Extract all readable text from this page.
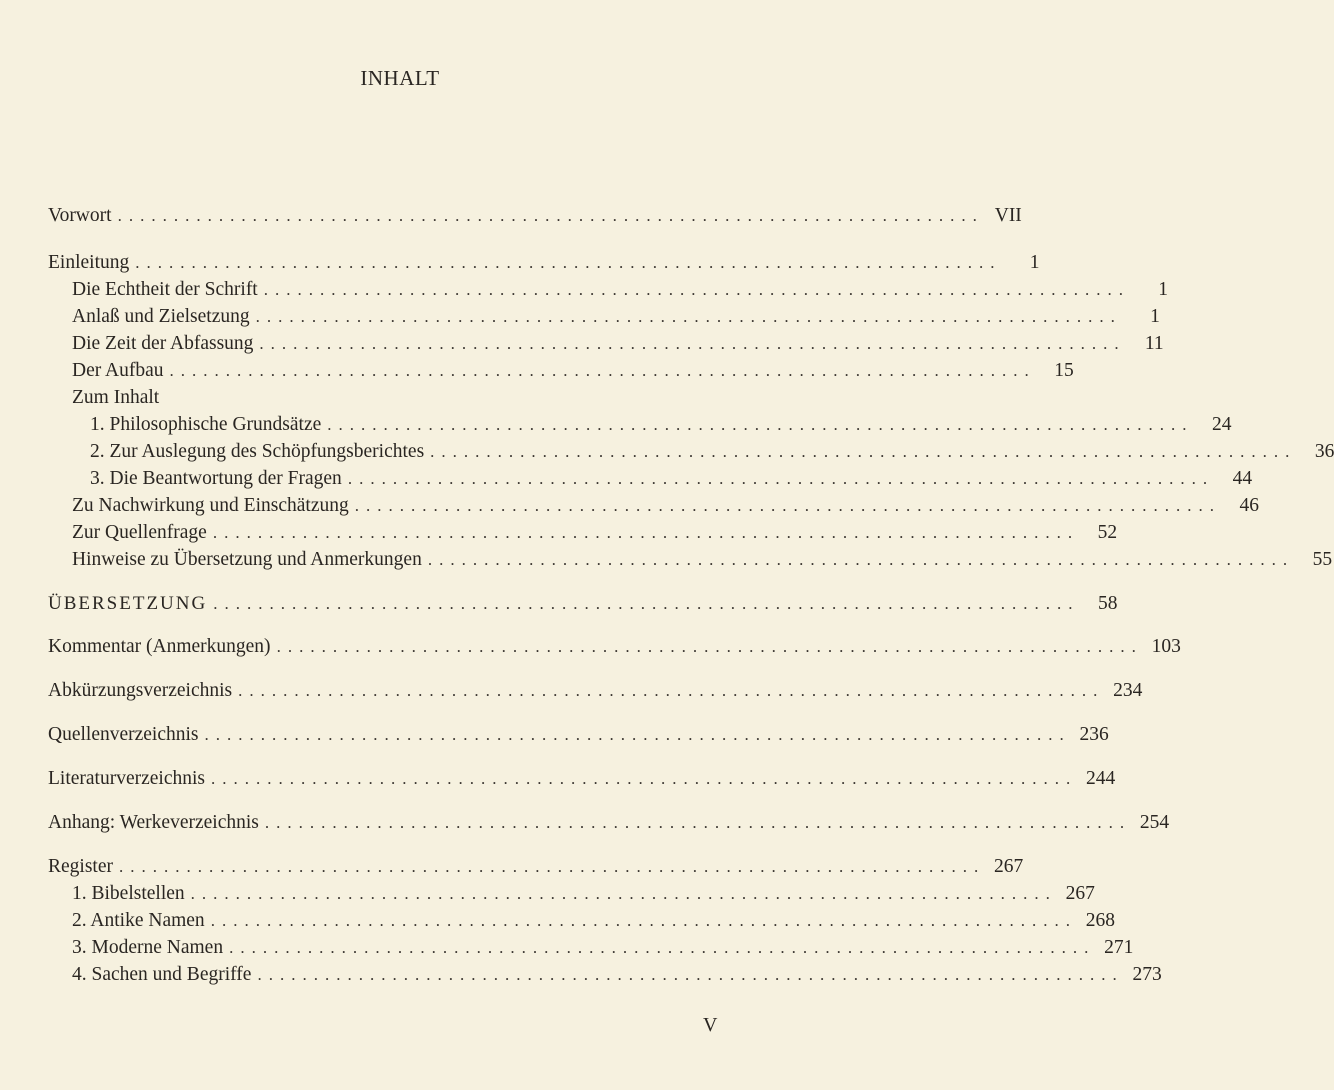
INHALT
Vorwort ............................................................................. VII
Einleitung .............................................................................	1
Die Echtheit der Schrift .............................................................................	1
Anlaß und Zielsetzung .............................................................................	1
Die Zeit der Abfassung ............................................................................. 11
Der Aufbau ............................................................................. 15
Zum Inhalt
1. Philosophische Grundsätze ............................................................................. 24
2. Zur Auslegung des Schöpfungsberichtes ............................................................................. 36
3. Die Beantwortung der Fragen ............................................................................. 44
Zu Nachwirkung und Einschätzung ............................................................................. 46
Zur Quellenfrage ............................................................................. 52
Hinweise zu Übersetzung und Anmerkungen ............................................................................. 55
ÜBERSETZUNG ............................................................................. 58
Kommentar (Anmerkungen) ............................................................................. 103
Abkürzungsverzeichnis ............................................................................. 234
Quellenverzeichnis ............................................................................. 236
Literaturverzeichnis ............................................................................. 244
Anhang: Werkeverzeichnis ............................................................................. 254
Register ............................................................................. 267
1. Bibelstellen ............................................................................. 267
2. Antike Namen ............................................................................. 268
3. Moderne Namen ............................................................................. 271
4. Sachen und Begriffe ............................................................................. 273
V
